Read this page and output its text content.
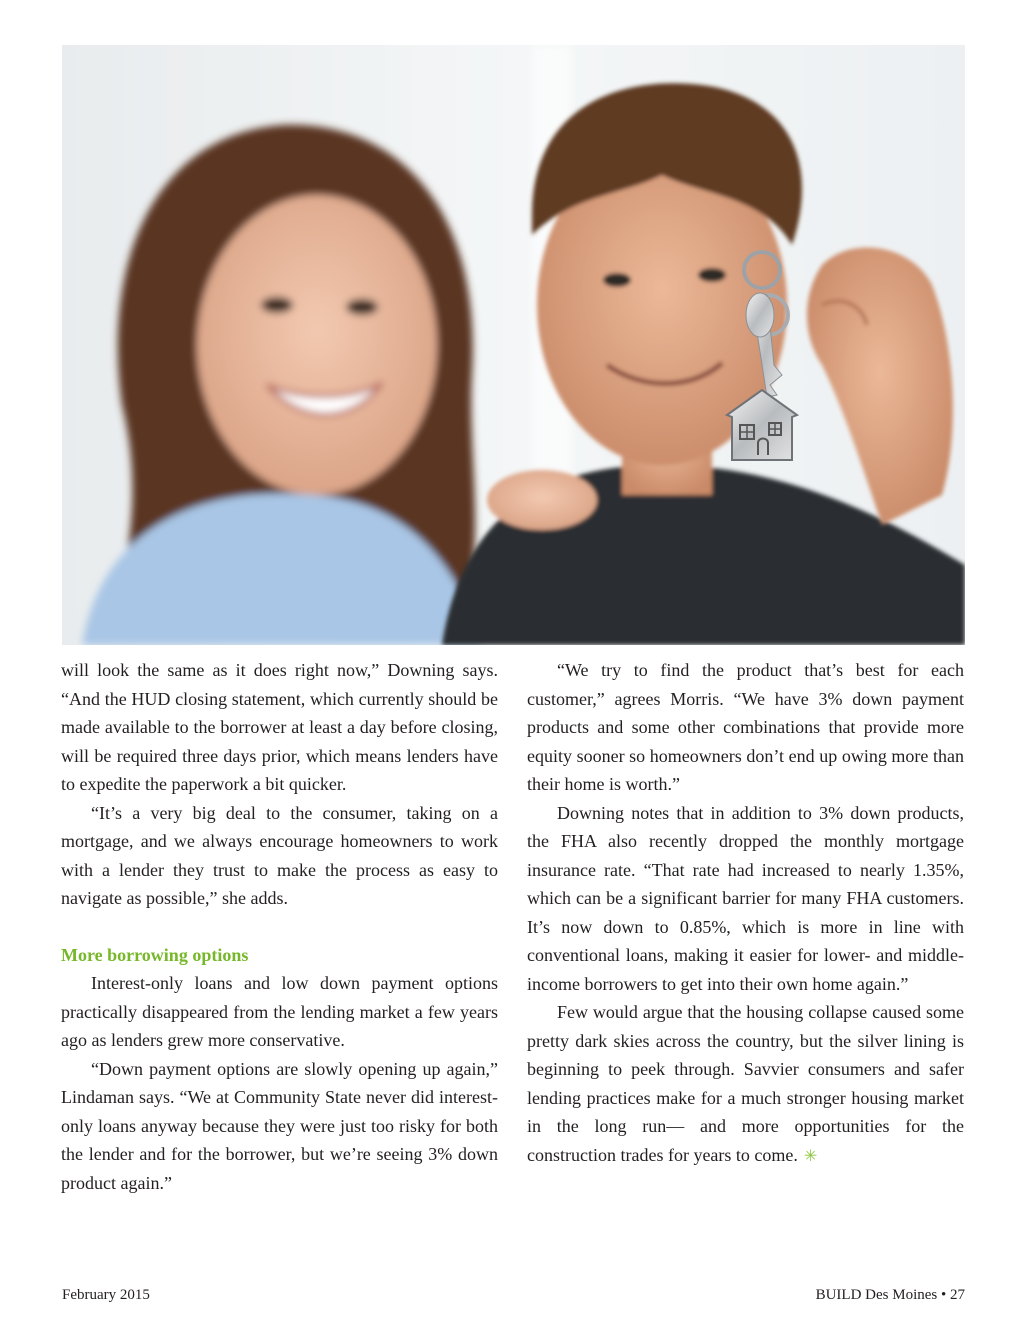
will look the same as it does right now,” Downing says. “And the HUD closing statement, which currently should be made available to the borrower at least a day before closing, will be required three days prior, which means lenders have to expedite the paperwork a bit quicker.

“It’s a very big deal to the consumer, taking on a mortgage, and we always encourage homeowners to work with a lender they trust to make the process as easy to navigate as possible,” she adds.

More borrowing options

Interest-only loans and low down payment options practically disappeared from the lending market a few years ago as lenders grew more conservative.

“Down payment options are slowly opening up again,” Lindaman says. “We at Community State never did interest-only loans anyway because they were just too risky for both the lender and for the borrower, but we’re seeing 3% down product again.”

“We try to find the product that’s best for each customer,” agrees Morris. “We have 3% down payment products and some other combinations that provide more equity sooner so homeowners don’t end up owing more than their home is worth.”

Downing notes that in addition to 3% down products, the FHA also recently dropped the monthly mortgage insurance rate. “That rate had increased to nearly 1.35%, which can be a significant barrier for many FHA customers. It’s now down to 0.85%, which is more in line with conventional loans, making it easier for lower- and middle-income borrowers to get into their own home again.”

Few would argue that the housing collapse caused some pretty dark skies across the country, but the silver lining is beginning to peek through. Savvier consumers and safer lending practices make for a much stronger housing market in the long run— and more opportunities for the construction trades for years to come. ✳

February 2015	BUILD Des Moines • 27
